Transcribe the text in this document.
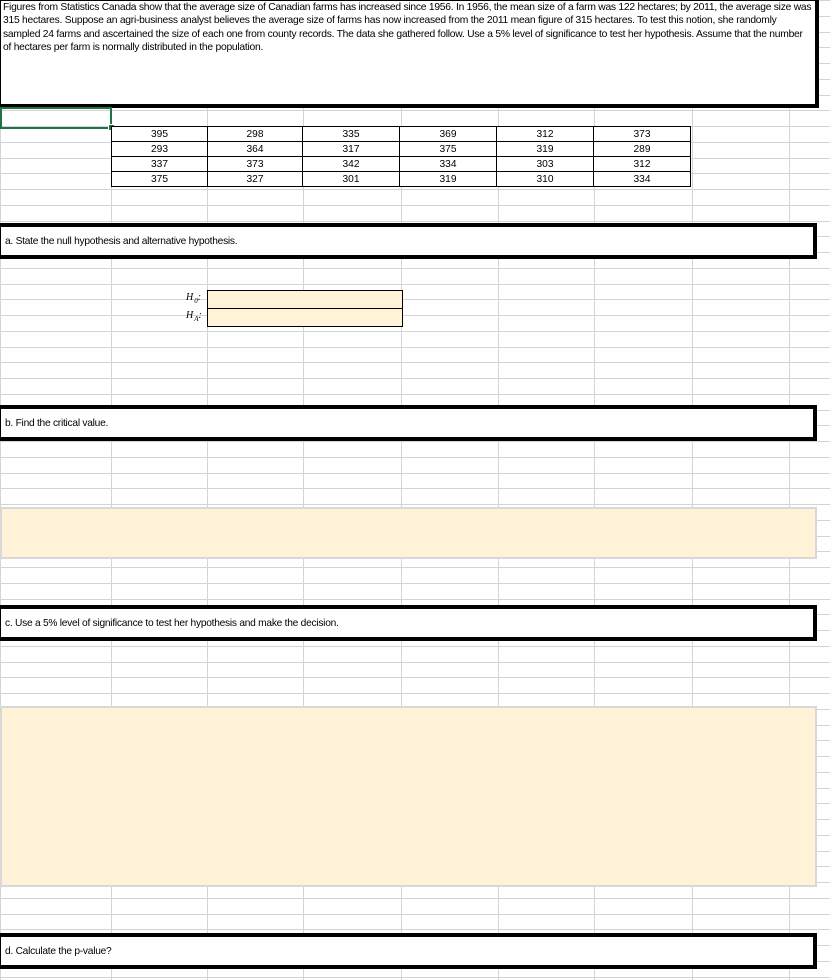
Figures from Statistics Canada show that the average size of Canadian farms has increased since 1956. In 1956, the mean size of a farm was 122 hectares; by 2011, the average size was 315 hectares. Suppose an agri-business analyst believes the average size of farms has now increased from the 2011 mean figure of 315 hectares. To test this notion, she randomly sampled 24 farms and ascertained the size of each one from county records. The data she gathered follow. Use a 5% level of significance to test her hypothesis. Assume that the number of hectares per farm is normally distributed in the population.
395	298	335	369	312	373
293	364	317	375	319	289
337	373	342	334	303	312
375	327	301	319	310	334
a. State the null hypothesis and alternative hypothesis.
$H_0$:
$H_A$:
b. Find the critical value.
c. Use a 5% level of significance to test her hypothesis and make the decision.
d. Calculate the p-value?
